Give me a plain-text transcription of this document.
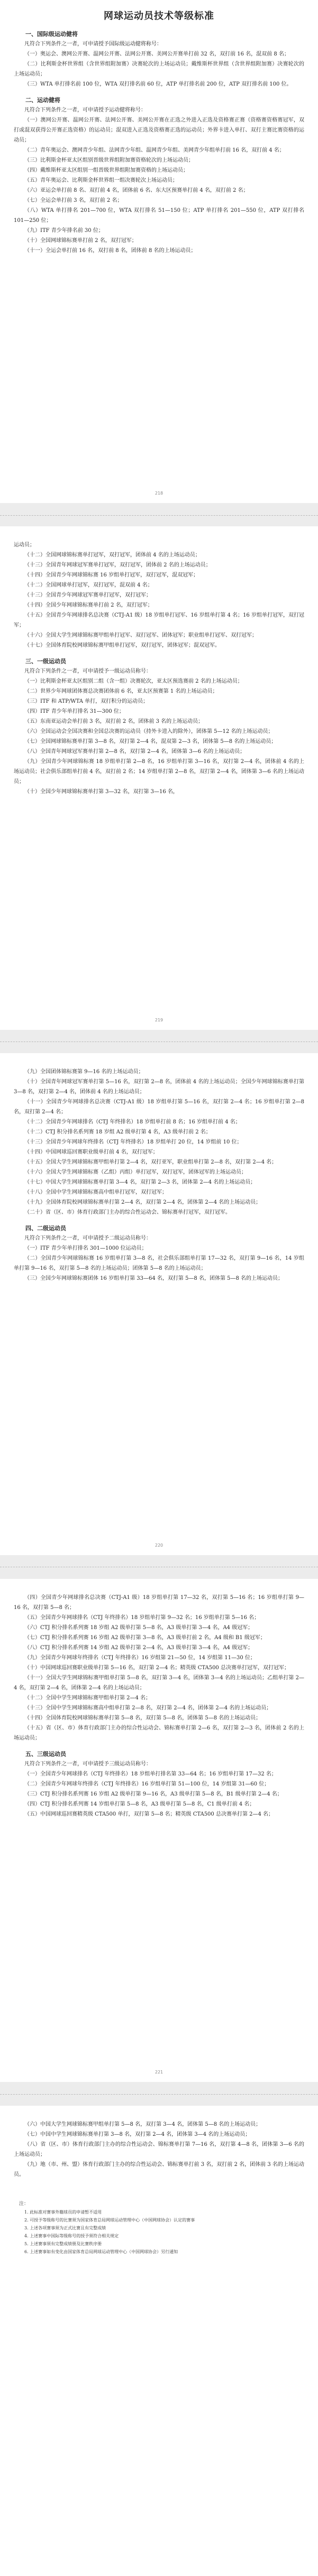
网球运动员技术等级标准
一、国际级运动健将

凡符合下列条件之一者，可申请授予国际级运动健将称号：

（一）奥运会、澳网公开赛、温网公开赛、法网公开赛、美网公开赛单打前 32 名，双打前 16 名，混双前 8 名；

（二）比利斯金杯世界组（含世界组附加赛）决赛轮次的上场运动员；戴维斯杯世界组（含世界组附加赛）决赛轮次的上场运动员；

（三）WTA 单打排名前 100 位，WTA 双打排名前 60 位，ATP 单打排名前 200 位，ATP 双打排名前 100 位。

二、运动健将

凡符合下列条件之一者，可申请授予运动健将称号：

（一）澳网公开赛、温网公开赛、法网公开赛、美网公开赛在正选之外进入正选及资格赛正赛（资格赛资格赛冠军，双打或混双获得公开赛正选资格）的运动员；混双进入正选及资格赛正选的运动员；外界卡进入单打、双打主赛比赛资格的运动员；

（二）青年奥运会、澳网青少年组、法网青少年组、温网青少年组、美网青少年组单打前 16 名，双打前 4 名；

（三）比利斯金杯亚太区组别晋级世界组附加赛资格轮次的上场运动员；

（四）戴维斯杯亚太区组别一组晋级世界组附加赛资格的上场运动员；

（五）青年奥运会、比利斯金杯世界组一组决赛轮次上场运动员；

（六）亚运会单打前 8 名、双打前 4 名，团体前 6 名、东大区预赛单打前 4 名，双打前 2 名；

（七）全运会单打前 3 名，双打前 2 名；

（八）WTA 单打排名 201—700 位，WTA 双打排名 51—150 位；ATP 单打排名 201—550 位，ATP 双打排名 101—250 位；

（九）ITF 青少年排名前 30 位；

（十）全国网球锦标赛单打前 2 名，双打冠军；

（十一）全运会单打前 16 名，双打前 8 名，团体前 8 名的上场运动员；

218

运动员；

（十二）全国网球锦标赛单打冠军，双打冠军，团体前 4 名的上场运动员；

（十三）全国青年网球冠军赛单打冠军，双打冠军，团体前 2 名的上场运动员；

（十四）全国青少年网球锦标赛 16 岁组单打冠军，双打冠军，混双冠军；

（十二）全国网球单打冠军，双打冠军，混双前 4 名；

（十三）全国青少年网球冠军赛单打冠军，双打冠军；

（十四）全国少年网球锦标赛单打前 2 名，双打冠军；

（十五）全国青少年网球排名总决赛（CTJ-A1 级）18 岁组单打冠军、16 岁组单打第 4 名；16 岁组单打冠军，双打冠军；

（十六）全国大学生网球锦标赛甲组单打冠军、双打冠军、团体冠军；职业组单打冠军、双打冠军；

（十七）全国体育院校网球锦标赛甲组单打冠军，双打冠军，团体冠军；混双冠军。

三、一级运动员

凡符合下列条件之一者，可申请授予一级运动员称号：

（一）比利斯金杯亚太区组别二组（含一组）决赛轮次，亚太区预选赛前 2 名的上场运动员；

（二）世界少年网球团体赛总决赛团体前 6 名，亚太区预赛第 1 名的上场运动员；

（三）ITF 和 ATP/WTA 单打，双打积分的运动员；

（四）ITF 青少年单打排名 31—300 位；

（五）东南亚运动会单打前 3 名，双打前 2 名，团体前 3 名的上场运动员；

（六）全国运动会全国决赛和全国总决赛的运动员（持外卡进入的除外），团体第 5—12 名的上场运动员；

（七）全国网球锦标赛单打第 3—8 名，双打第 2—4 名，混双第 2—3 名，团体第 5—8 名的上场运动员；

（八）全国青年网球冠军赛单打第 2—8 名，双打第 2—4 名，团体第 3—6 名的上场运动员；

（九）全国青少年网球锦标赛 18 岁组单打第 2—8 名，16 岁组单打第 3—16 名，双打第 2—4 名，团体前 4 名的上场运动员；社会俱乐部组单打前 4 名，双打前 2 名；14 岁组单打第 2—8 名，双打第 2—4 名，团体第 3—6 名的上场运动员；

（十）全国少年网球锦标赛单打第 3—32 名，双打第 3—16 名，

219

（九）全国团体锦标赛第 9—16 名的上场运动员；

（十）全国青年网球冠军赛单打第 5—16 名，双打第 2—8 名，团体前 4 名的上场运动员；全国少年网球锦标赛单打第 3—8 名，双打第 2—4 名，团体前 4 名的上场运动员；

（十一）全国青少年网球排名总决赛（CTJ-A1 级）18 岁组单打第 5—16 名，双打第 2—4 名；16 岁组单打第 2—8 名，双打第 2—4 名；

（十二）全国青少年网球排名（CTJ 年终排名）18 岁组单打前 8 名；16 岁组单打前 4 名；

（十二）CTJ 积分排名系列赛 18 岁组 A2 级单打第 4 名，A3 级单打前 2 名；

（十三）全国青少年网球年终排名（CTJ 年终排名）18 岁组单打 20 位，14 岁组前 10 位；

（十四）中国网球巡回赛职业级单打前 4 名，双打冠军；

（十五）全国大学生网球锦标赛甲组单打第 2—4 名，双打亚军，职业组单打第 2—8 名，双打第 2—4 名；

（十六）全国大学生网球锦标赛（乙组）丙组）单打冠军，双打冠军，团体冠军的上场运动员；

（十七）中国大学生网球锦标赛单打第 3—4 名，双打第 2—3 名，团体第 2—4 名的上场运动员；

（十八）全国中学生网球锦标赛高中组单打冠军，双打冠军；

（十九）全国体育院校网球锦标赛单打第 2—4 名，双打第 2—4 名，团体第 2—4 名的上场运动员；

（二十）省（区、市）体育行政部门主办的综合性运动会、锦标赛单打冠军，双打冠军。

四、二级运动员

凡符合下列条件之一者，可申请授予二级运动员称号：

（一）ITF 青少年单打排名 301—1000 位运动员；

（二）全国青少年网球锦标赛 16 岁组单打第 3—8 名，社会俱乐部组单打第 17—32 名，双打第 9—16 名，14 岁组单打第 9—16 名，双打第 5—8 名的上场运动员；团体第 5—8 名的上场运动员；

（三）全国少年网球锦标赛团体 16 岁组单打第 33—64 名，双打第 5—8 名，团体第 5—8 名的上场运动员；

220

（四）全国青少年网球排名总决赛（CTJ-A1 级）18 岁组单打第 17—32 名，双打第 5—16 名；16 岁组单打第 9—16 名，双打第 5—8 名；

（五）全国青少年网球排名（CTJ 年终排名）18 岁组单打第 9—32 名；16 岁组单打第 5—16 名；

（六）CTJ 积分排名系列赛 18 岁组 A2 级单打第 5—8 名，A3 级单打第 3—4 名，A4 级冠军；

（七）CTJ 积分排名系列赛 16 岁组 A2 级单打第 3—8 名，A3 级单打前 2 名，A4 级和 B1 级冠军；

（八）CTJ 积分排名系列赛 14 岁组 A2 级单打第 2—4 名，A3 级单打第 3—4 名，A4 级冠军；

（九）全国青少年网球年终排名（CTJ 年终排名）16 岁组第 21—50 位，14 岁组第 11—30 位；

（十）中国网球巡回赛职业级单打第 5—16 名，双打第 2—4 名；精英级 CTA500 总决赛单打冠军，双打冠军；

（十一）全国大学生网球锦标赛甲组单打第 5—8 名，双打第 3—4 名，团体第 3—4 名的上场运动员；乙组单打第 2—4 名，双打第 2—4 名，团体第 2—4 名的上场运动员；

（十二）全国中学生网球锦标赛甲组单打第 2—4 名；

（十三）全国中学生网球锦标赛高中组单打第 2—8 名，双打第 2—4 名，团体第 2—4 名的上场运动员；

（十四）全国体育院校网球锦标赛单打第 5—8 名，双打第 5—8 名，团体第 5—8 名的上场运动员；

（十五）省（区、市）体育行政部门主办的综合性运动会、锦标赛单打第 2—6 名，双打第 2—3 名，团体前 2 名的上场运动员；

五、三级运动员

凡符合下列条件之一者，可申请授予三级运动员称号：

（一）全国青少年网球排名（CTJ 年终排名）18 岁组单打排名第 33—64 名；16 岁组单打第 17—32 名；

（二）全国青少年网球年终排名（CTJ 年终排名）16 岁组单打第 51—100 位，14 岁组第 31—60 位；

（三）CTJ 积分排名系列赛 16 岁组 A2 级单打第 9—16 名，A3 级单打第 5—8 名，B1 级单打第 2—4 名；

（四）CTJ 积分排名系列赛 14 岁组单打第 5—8 名，A3 级单打第 5—8 名，C1 级单打前 4 名；

（五）中国网球巡回赛精英级 CTA500 单打，双打第 5—8 名；精英级 CTA500 总决赛单打第 2—4 名；

221

（六）中国大学生网球锦标赛甲组单打第 5—8 名，双打第 3—4 名，团体第 5—8 名的上场运动员；

（七）中国中学生网球锦标赛单打第 3—8 名，双打第 2—4 名，团体第 3—4 名的上场运动员；

（八）省（区、市）体育行政部门主办的综合性运动会、锦标赛单打第 7—16 名，双打第 4—8 名，团体第 3—6 名的上场运动员；

（九）地（市、州、盟）体育行政部门主办的综合性运动会、锦标赛单打前 3 名，双打前 2 名，团体前 3 名的上场运动员。

注：

1. 此标准对赛事外籍球员的申请暂不适用

2. 可授予等级称号的比赛须为国家体育总局网球运动管理中心（中国网球协会）认定的赛事

3. 上述各项赛事须为正式比赛且有完整成绩

4. 上述赛事中国际等级称号的授予须符合相关规定

5. 上述赛事须有完整成绩册及比赛秩序册

6. 上述赛事如有变化由国家体育总局网球运动管理中心（中国网球协会）另行通知
